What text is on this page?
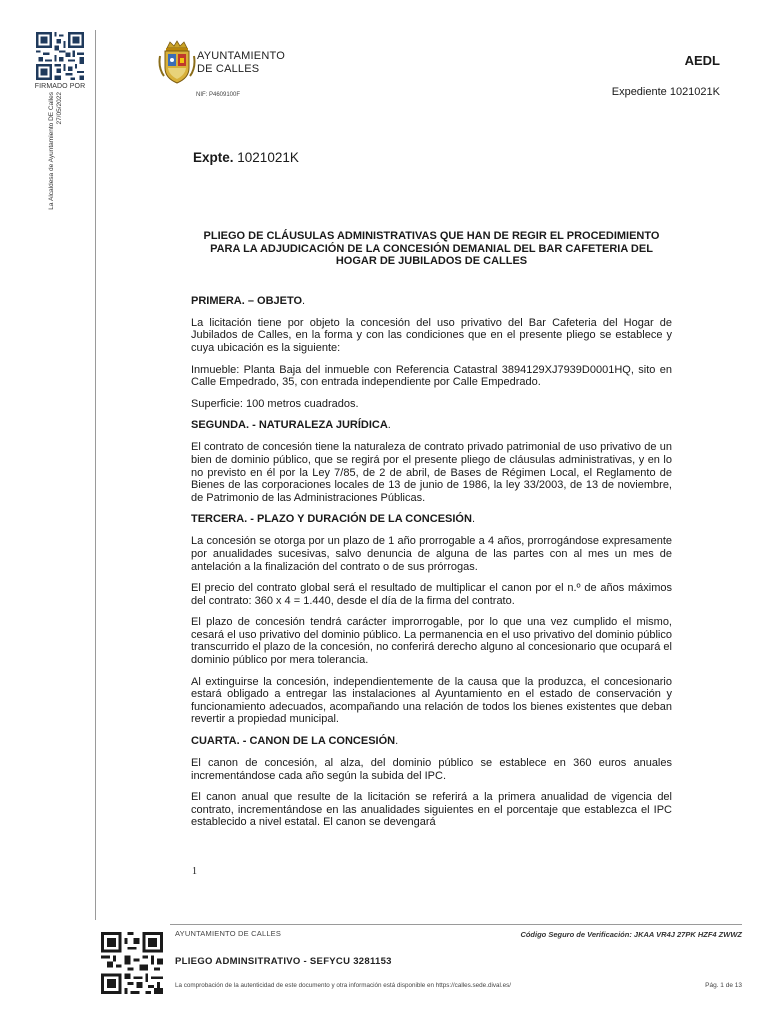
FIRMADO POR
La Alcaldesa de Ayuntamiento DE Calles 27/05/2022
AYUNTAMIENTO
DE CALLES
NIF: P4609100F
AEDL
Expediente 1021021K
Expte. 1021021K
PLIEGO DE CLÁUSULAS ADMINISTRATIVAS QUE HAN DE REGIR EL PROCEDIMIENTO PARA LA ADJUDICACIÓN DE LA CONCESIÓN DEMANIAL DEL BAR CAFETERIA DEL HOGAR DE JUBILADOS DE CALLES
PRIMERA. – OBJETO.

La licitación tiene por objeto la concesión del uso privativo del Bar Cafeteria del Hogar de Jubilados de Calles, en la forma y con las condiciones que en el presente pliego se establece y cuya ubicación es la siguiente:

Inmueble: Planta Baja del inmueble con Referencia Catastral 3894129XJ7939D0001HQ, sito en Calle Empedrado, 35, con entrada independiente por Calle Empedrado.

Superficie: 100 metros cuadrados.

SEGUNDA. - NATURALEZA JURÍDICA.

El contrato de concesión tiene la naturaleza de contrato privado patrimonial de uso privativo de un bien de dominio público, que se regirá por el presente pliego de cláusulas administrativas, y en lo no previsto en él por la Ley 7/85, de 2 de abril, de Bases de Régimen Local, el Reglamento de Bienes de las corporaciones locales de 13 de junio de 1986, la ley 33/2003, de 13 de noviembre, de Patrimonio de las Administraciones Públicas.

TERCERA. - PLAZO Y DURACIÓN DE LA CONCESIÓN.

La concesión se otorga por un plazo de 1 año prorrogable a 4 años, prorrogándose expresamente por anualidades sucesivas, salvo denuncia de alguna de las partes con al mes un mes de antelación a la finalización del contrato o de sus prórrogas.

El precio del contrato global será el resultado de multiplicar el canon por el n.º de años máximos del contrato: 360 x 4 = 1.440, desde el día de la firma del contrato.

El plazo de concesión tendrá carácter improrrogable, por lo que una vez cumplido el mismo, cesará el uso privativo del dominio público. La permanencia en el uso privativo del dominio público transcurrido el plazo de la concesión, no conferirá derecho alguno al concesionario que ocupará el dominio público por mera tolerancia.

Al extinguirse la concesión, independientemente de la causa que la produzca, el concesionario estará obligado a entregar las instalaciones al Ayuntamiento en el estado de conservación y funcionamiento adecuados, acompañando una relación de todos los bienes existentes que deban revertir a propiedad municipal.

CUARTA. - CANON DE LA CONCESIÓN.

El canon de concesión, al alza, del dominio público se establece en 360 euros anuales incrementándose cada año según la subida del IPC.

El canon anual que resulte de la licitación se referirá a la primera anualidad de vigencia del contrato, incrementándose en las anualidades siguientes en el porcentaje que establezca el IPC establecido a nivel estatal. El canon se devengará

1
AYUNTAMIENTO DE CALLES	Código Seguro de Verificación: JKAA VR4J 27PK HZF4 ZWWZ
PLIEGO ADMINSITRATIVO - SEFYCU 3281153
La comprobación de la autenticidad de este documento y otra información está disponible en https://calles.sede.dival.es/	Pág. 1 de 13
